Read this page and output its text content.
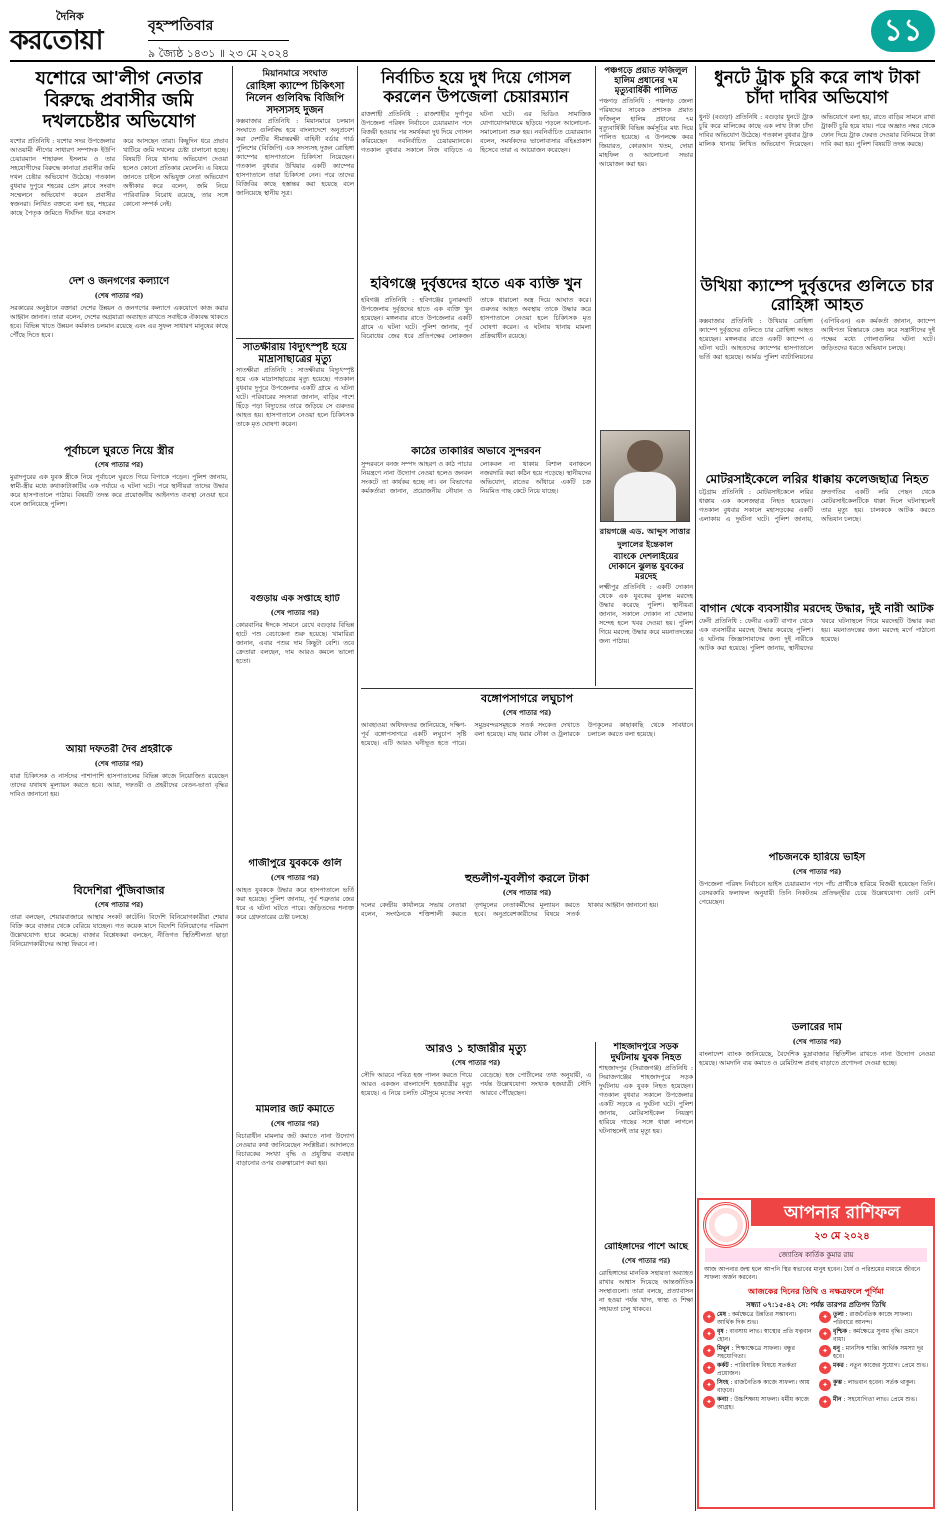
দৈনিক
করতোয়া	বৃহস্পতিবার
৯ জ্যৈষ্ঠ ১৪৩১ ॥ ২৩ মে ২০২৪
১১
যশোরে আ'লীগ নেতার বিরুদ্ধে প্রবাসীর জমি দখলচেষ্টার অভিযোগ
যশোর প্রতিনিধি : যশোর সদর উপজেলার আওয়ামী লীগের সাধারণ সম্পাদক ইউপি চেয়ারম্যান শাহারুল ইসলাম ও তার সহযোগীদের বিরুদ্ধে কানাডা প্রবাসীর জমি দখল চেষ্টার অভিযোগ উঠেছে। গতকাল বুধবার দুপুরে শহরের প্রেস ক্লাবে সংবাদ সম্মেলনে অভিযোগ করেন প্রবাসীর স্বজনরা। লিখিত বক্তব্যে বলা হয়, শহরের কাছে পৈতৃক জমিতে দীর্ঘদিন ধরে বসবাস করে আসছেন তারা। কিছুদিন ধরে প্রভাব খাটিয়ে জমি দখলের চেষ্টা চালানো হচ্ছে। বিষয়টি নিয়ে থানায় অভিযোগ দেওয়া হলেও কোনো প্রতিকার মেলেনি। এ বিষয়ে জানতে চাইলে অভিযুক্ত নেতা অভিযোগ অস্বীকার করে বলেন, জমি নিয়ে পারিবারিক বিরোধ রয়েছে, তার সঙ্গে কোনো সম্পর্ক নেই।
দেশ ও জনগণের কল্যাণে
(শেষ পাতার পর)
সরকারের অনুষ্ঠানে বক্তারা দেশের উন্নয়ন ও জনগণের কল্যাণে একযোগে কাজ করার আহ্বান জানান। তারা বলেন, দেশের অগ্রযাত্রা অব্যাহত রাখতে সবাইকে ঐক্যবদ্ধ থাকতে হবে। বিভিন্ন খাতে উন্নয়ন কর্মকাণ্ড চলমান রয়েছে এবং এর সুফল সাধারণ মানুষের কাছে পৌঁছে দিতে হবে।
পূর্বাচলে ঘুরতে নিয়ে স্ত্রীর
(শেষ পাতার পর)
মুরাদপুরের এক যুবক স্ত্রীকে নিয়ে পূর্বাচলে ঘুরতে গিয়ে বিপাকে পড়েন। পুলিশ জানায়, স্বামী-স্ত্রীর মধ্যে কথাকাটাকাটির এক পর্যায়ে এ ঘটনা ঘটে। পরে স্থানীয়রা তাদের উদ্ধার করে হাসপাতালে পাঠায়। বিষয়টি তদন্ত করে প্রয়োজনীয় আইনগত ব্যবস্থা নেওয়া হবে বলে জানিয়েছে পুলিশ।
আয়া দফতরী দৈব প্রহরীকে
(শেষ পাতার পর)
যারা চিকিৎসক ও নার্সদের পাশাপাশি হাসপাতালের বিভিন্ন কাজে নিয়োজিত রয়েছেন তাদের যথাযথ মূল্যায়ন করতে হবে। আয়া, দফতরী ও প্রহরীদের বেতন-ভাতা বৃদ্ধির দাবিও জানানো হয়।
বিদেশিরা পুঁজিবাজার
(শেষ পাতার পর)
তারা বলছেন, শেয়ারবাজারে আস্থার সংকট কাটেনি। বিদেশি বিনিয়োগকারীরা শেয়ার বিক্রি করে বাজার থেকে বেরিয়ে যাচ্ছেন। গত কয়েক মাসে বিদেশি বিনিয়োগের পরিমাণ উল্লেখযোগ্য হারে কমেছে। বাজার বিশ্লেষকরা বলছেন, নীতিগত স্থিতিশীলতা ছাড়া বিনিয়োগকারীদের আস্থা ফিরবে না।
মিয়ানমারে সংঘাত
রোহিঙ্গা ক্যাম্পে চিকিৎসা নিলেন গুলিবিদ্ধ বিজিপি সদস্যসহ দুজন
কক্সবাজার প্রতিনিধি : মিয়ানমারে চলমান সংঘাতে গুলিবিদ্ধ হয়ে বাংলাদেশে অনুপ্রবেশ করা দেশটির সীমান্তরক্ষী বাহিনী বর্ডার গার্ড পুলিশের (বিজিপি) এক সদস্যসহ দুজন রোহিঙ্গা ক্যাম্পের হাসপাতালে চিকিৎসা নিয়েছেন। গতকাল বুধবার উখিয়ার একটি ক্যাম্পের হাসপাতালে তারা চিকিৎসা নেন। পরে তাদের বিজিবির কাছে হস্তান্তর করা হয়েছে বলে জানিয়েছে স্থানীয় সূত্র।
সাতক্ষীরায় বিদ্যুৎস্পৃষ্ট হয়ে মাদ্রাসাছাত্রের মৃত্যু
সাতক্ষীরা প্রতিনিধি : সাতক্ষীরায় বিদ্যুৎস্পৃষ্ট হয়ে এক মাদ্রাসাছাত্রের মৃত্যু হয়েছে। গতকাল বুধবার দুপুরে উপজেলার একটি গ্রামে এ ঘটনা ঘটে। পরিবারের সদস্যরা জানান, বাড়ির পাশে ছিঁড়ে পড়া বিদ্যুতের তারে জড়িয়ে সে গুরুতর আহত হয়। হাসপাতালে নেওয়া হলে চিকিৎসক তাকে মৃত ঘোষণা করেন।
বগুড়ায় এক সপ্তাহে হাটি
(শেষ পাতার পর)
কোরবানির ঈদকে সামনে রেখে বগুড়ার বিভিন্ন হাটে পশু বেচাকেনা শুরু হয়েছে। খামারিরা জানান, এবার পশুর দাম কিছুটা বেশি। তবে ক্রেতারা বলছেন, দাম আরও কমলে ভালো হতো।
গাজীপুরে যুবককে গুলি
(শেষ পাতার পর)
আহত যুবককে উদ্ধার করে হাসপাতালে ভর্তি করা হয়েছে। পুলিশ জানায়, পূর্ব শত্রুতার জের ধরে এ ঘটনা ঘটতে পারে। জড়িতদের শনাক্ত করে গ্রেফতারের চেষ্টা চলছে।
মামলার জট কমাতে
(শেষ পাতার পর)
বিচারাধীন মামলার জট কমাতে নানা উদ্যোগ নেওয়ার কথা জানিয়েছেন সংশ্লিষ্টরা। আদালতে বিচারকের সংখ্যা বৃদ্ধি ও প্রযুক্তির ব্যবহার বাড়ানোর ওপর গুরুত্বারোপ করা হয়।
নির্বাচিত হয়ে দুধ দিয়ে গোসল করলেন উপজেলা চেয়ারম্যান
রাজশাহী প্রতিনিধি : রাজশাহীর দুর্গাপুর উপজেলা পরিষদ নির্বাচনে চেয়ারম্যান পদে বিজয়ী হওয়ার পর সমর্থকরা দুধ দিয়ে গোসল করিয়েছেন নবনির্বাচিত চেয়ারম্যানকে। গতকাল বুধবার সকালে নিজ বাড়িতে এ ঘটনা ঘটে। এর ভিডিও সামাজিক যোগাযোগমাধ্যমে ছড়িয়ে পড়লে আলোচনা-সমালোচনা শুরু হয়। নবনির্বাচিত চেয়ারম্যান বলেন, সমর্থকদের ভালোবাসার বহিঃপ্রকাশ হিসেবে তারা এ আয়োজন করেছেন।
পঞ্চগড়ে প্রয়াত ফজিলুল হালিম প্রধানের ৭ম মৃত্যুবার্ষিকী পালিত
পঞ্চগড় প্রতিনিধি : পঞ্চগড় জেলা পরিষদের সাবেক প্রশাসক প্রয়াত ফজিলুল হালিম প্রধানের ৭ম মৃত্যুবার্ষিকী বিভিন্ন কর্মসূচির মধ্য দিয়ে পালিত হয়েছে। এ উপলক্ষে কবর জিয়ারত, কোরআন খতম, দোয়া মাহফিল ও আলোচনা সভার আয়োজন করা হয়।
হবিগঞ্জে দুর্বৃত্তদের হাতে এক ব্যক্তি খুন
হবিগঞ্জ প্রতিনিধি : হবিগঞ্জের চুনারুঘাট উপজেলায় দুর্বৃত্তদের হাতে এক ব্যক্তি খুন হয়েছেন। মঙ্গলবার রাতে উপজেলার একটি গ্রামে এ ঘটনা ঘটে। পুলিশ জানায়, পূর্ব বিরোধের জের ধরে প্রতিপক্ষের লোকজন তাকে ধারালো অস্ত্র দিয়ে আঘাত করে। গুরুতর আহত অবস্থায় তাকে উদ্ধার করে হাসপাতালে নেওয়া হলে চিকিৎসক মৃত ঘোষণা করেন। এ ঘটনায় থানায় মামলা প্রক্রিয়াধীন রয়েছে।
কাঠের তাকারির অভাবে সুন্দরবন
সুন্দরবনে বনজ সম্পদ আহরণ ও কাঠ পাচার নিয়ন্ত্রণে নানা উদ্যোগ নেওয়া হলেও জনবল সংকটে তা কার্যকর হচ্ছে না। বন বিভাগের কর্মকর্তারা জানান, প্রয়োজনীয় নৌযান ও লোকবল না থাকায় বিশাল বনাঞ্চলে নজরদারি করা কঠিন হয়ে পড়েছে। স্থানীয়দের অভিযোগ, রাতের আঁধারে একটি চক্র নিয়মিত গাছ কেটে নিয়ে যাচ্ছে।
রায়গঞ্জে এড. আব্দুস সাত্তার দুলালের ইন্তেকাল
ব্যাংকে দেশলাইয়ের দোকানে ঝুলন্ত যুবকের মরদেহ
লক্ষ্মীপুর প্রতিনিধি : একটি দোকান থেকে এক যুবকের ঝুলন্ত মরদেহ উদ্ধার করেছে পুলিশ। স্থানীয়রা জানান, সকালে দোকান না খোলায় সন্দেহ হলে খবর দেওয়া হয়। পুলিশ গিয়ে মরদেহ উদ্ধার করে ময়নাতদন্তের জন্য পাঠায়।
বঙ্গোপসাগরে লঘুচাপ
(শেষ পাতার পর)
আবহাওয়া অধিদফতর জানিয়েছে, দক্ষিণ-পূর্ব বঙ্গোপসাগরে একটি লঘুচাপ সৃষ্টি হয়েছে। এটি আরও ঘনীভূত হতে পারে। সমুদ্রবন্দরসমূহকে সতর্ক সংকেত দেখাতে বলা হয়েছে। মাছ ধরার নৌকা ও ট্রলারকে উপকূলের কাছাকাছি থেকে সাবধানে চলাচল করতে বলা হয়েছে।
হুন্ডলীগ-যুবলীগ করলে টাকা
(শেষ পাতার পর)
দলের কেন্দ্রীয় কার্যালয়ে সভায় নেতারা বলেন, সংগঠনকে শক্তিশালী করতে তৃণমূলের নেতাকর্মীদের মূল্যায়ন করতে হবে। অনুপ্রবেশকারীদের বিষয়ে সতর্ক থাকার আহ্বান জানানো হয়।
আরও ১ হাজারীর মৃত্যু
(শেষ পাতার পর)
সৌদি আরবে পবিত্র হজ পালন করতে গিয়ে আরও একজন বাংলাদেশি হজযাত্রীর মৃত্যু হয়েছে। এ নিয়ে চলতি মৌসুমে মৃতের সংখ্যা বেড়েছে। হজ পোর্টালের তথ্য অনুযায়ী, এ পর্যন্ত উল্লেখযোগ্য সংখ্যক হজযাত্রী সৌদি আরবে পৌঁছেছেন।
শাহজাদপুরে সড়ক দুর্ঘটনায় যুবক নিহত
শাহজাদপুর (সিরাজগঞ্জ) প্রতিনিধি : সিরাজগঞ্জের শাহজাদপুরে সড়ক দুর্ঘটনায় এক যুবক নিহত হয়েছেন। গতকাল বুধবার সকালে উপজেলার একটি সড়কে এ দুর্ঘটনা ঘটে। পুলিশ জানায়, মোটরসাইকেল নিয়ন্ত্রণ হারিয়ে গাছের সঙ্গে ধাক্কা লাগলে ঘটনাস্থলেই তার মৃত্যু হয়।
রোহিঙ্গাদের পাশে আছে
(শেষ পাতার পর)
রোহিঙ্গাদের মানবিক সহায়তা অব্যাহত রাখার আশ্বাস দিয়েছে আন্তর্জাতিক সংস্থাগুলো। তারা বলছে, প্রত্যাবাসন না হওয়া পর্যন্ত খাদ্য, স্বাস্থ্য ও শিক্ষা সহায়তা চালু থাকবে।
ধুনটে ট্রাক চুরি করে লাখ টাকা চাঁদা দাবির অভিযোগ
ধুনট (বগুড়া) প্রতিনিধি : বগুড়ার ধুনটে ট্রাক চুরি করে মালিকের কাছে এক লাখ টাকা চাঁদা দাবির অভিযোগ উঠেছে। গতকাল বুধবার ট্রাক মালিক থানায় লিখিত অভিযোগ দিয়েছেন। অভিযোগে বলা হয়, রাতে বাড়ির সামনে রাখা ট্রাকটি চুরি হয়ে যায়। পরে অজ্ঞাত নম্বর থেকে ফোন দিয়ে ট্রাক ফেরত দেওয়ার বিনিময়ে টাকা দাবি করা হয়। পুলিশ বিষয়টি তদন্ত করছে।
উখিয়া ক্যাম্পে দুর্বৃত্তদের গুলিতে চার রোহিঙ্গা আহত
কক্সবাজার প্রতিনিধি : উখিয়ার রোহিঙ্গা ক্যাম্পে দুর্বৃত্তদের গুলিতে চার রোহিঙ্গা আহত হয়েছেন। মঙ্গলবার রাতে একটি ক্যাম্পে এ ঘটনা ঘটে। আহতদের ক্যাম্পের হাসপাতালে ভর্তি করা হয়েছে। আর্মড পুলিশ ব্যাটালিয়নের (এপিবিএন) এক কর্মকর্তা জানান, ক্যাম্পে আধিপত্য বিস্তারকে কেন্দ্র করে সন্ত্রাসীদের দুই পক্ষের মধ্যে গোলাগুলির ঘটনা ঘটে। জড়িতদের ধরতে অভিযান চলছে।
মোটরসাইকেলে লরির ধাক্কায় কলেজছাত্র নিহত
চট্টগ্রাম প্রতিনিধি : মোটরসাইকেলে লরির ধাক্কায় এক কলেজছাত্র নিহত হয়েছেন। গতকাল বুধবার সকালে মহাসড়কের একটি এলাকায় এ দুর্ঘটনা ঘটে। পুলিশ জানায়, দ্রুতগতির একটি লরি পেছন থেকে মোটরসাইকেলটিকে ধাক্কা দিলে ঘটনাস্থলেই তার মৃত্যু হয়। চালককে আটক করতে অভিযান চলছে।
বাগান থেকে ব্যবসায়ীর মরদেহ উদ্ধার, দুই নারী আটক
ফেনী প্রতিনিধি : ফেনীর একটি বাগান থেকে এক ব্যবসায়ীর মরদেহ উদ্ধার করেছে পুলিশ। এ ঘটনায় জিজ্ঞাসাবাদের জন্য দুই নারীকে আটক করা হয়েছে। পুলিশ জানায়, স্থানীয়দের খবরে ঘটনাস্থলে গিয়ে মরদেহটি উদ্ধার করা হয়। ময়নাতদন্তের জন্য মরদেহ মর্গে পাঠানো হয়েছে।
পাঁচজনকে হারিয়ে ভাইস
(শেষ পাতার পর)
উপজেলা পরিষদ নির্বাচনে ভাইস চেয়ারম্যান পদে পাঁচ প্রার্থীকে হারিয়ে বিজয়ী হয়েছেন তিনি। বেসরকারি ফলাফল অনুযায়ী তিনি নিকটতম প্রতিদ্বন্দ্বীর চেয়ে উল্লেখযোগ্য ভোট বেশি পেয়েছেন।
ডলারের দাম
(শেষ পাতার পর)
বাংলাদেশ ব্যাংক জানিয়েছে, বৈদেশিক মুদ্রাবাজার স্থিতিশীল রাখতে নানা উদ্যোগ নেওয়া হয়েছে। আমদানি ব্যয় কমাতে ও রেমিট্যান্স প্রবাহ বাড়াতে প্রণোদনা দেওয়া হচ্ছে।
আপনার রাশিফল
২৩ মে ২০২৪
জ্যোতিষ কার্তিক কুমার রায়
আজ আপনার জন্ম হলে আপনি স্থির স্বভাবের মানুষ হবেন। ধৈর্য ও পরিশ্রমের মাধ্যমে জীবনে সাফল্য অর্জন করবেন।
আজকের দিনের তিথি ও নক্ষত্রফলে পূর্ণিমা
সন্ধ্যা ০৭:১৫-৪২ সে: পর্যন্ত তারপর প্রতিপদ তিথি
✦ মেষ : কর্মক্ষেত্রে উন্নতির সম্ভাবনা। আর্থিক দিক শুভ।
✦ তুলা : রাজনৈতিক কাজে সাফল্য। পরিবারে আনন্দ।
✦ বৃষ : ব্যবসায় লাভ। স্বাস্থ্যের প্রতি যত্নবান হোন।
✦ বৃশ্চিক : কর্মক্ষেত্রে সুনাম বৃদ্ধি। ভ্রমণে বাধা।
✦ মিথুন : শিক্ষাক্ষেত্রে সাফল্য। বন্ধুর সহযোগিতা।
✦ ধনু : মানসিক শান্তি। আর্থিক সমস্যা দূর হবে।
✦ কর্কট : পারিবারিক বিষয়ে সতর্কতা প্রয়োজন।
✦ মকর : নতুন কাজের সুযোগ। প্রেমে শুভ।
✦ সিংহ : রাজনৈতিক কাজে সাফল্য। আয় বাড়বে।
✦ কুম্ভ : লাভবান হবেন। সর্তক থাকুন।
✦ কন্যা : উচ্চশিক্ষায় সাফল্য। ধর্মীয় কাজে আগ্রহ।
✦ মীন : সহযোগিতা লাভ। প্রেমে শুভ।
